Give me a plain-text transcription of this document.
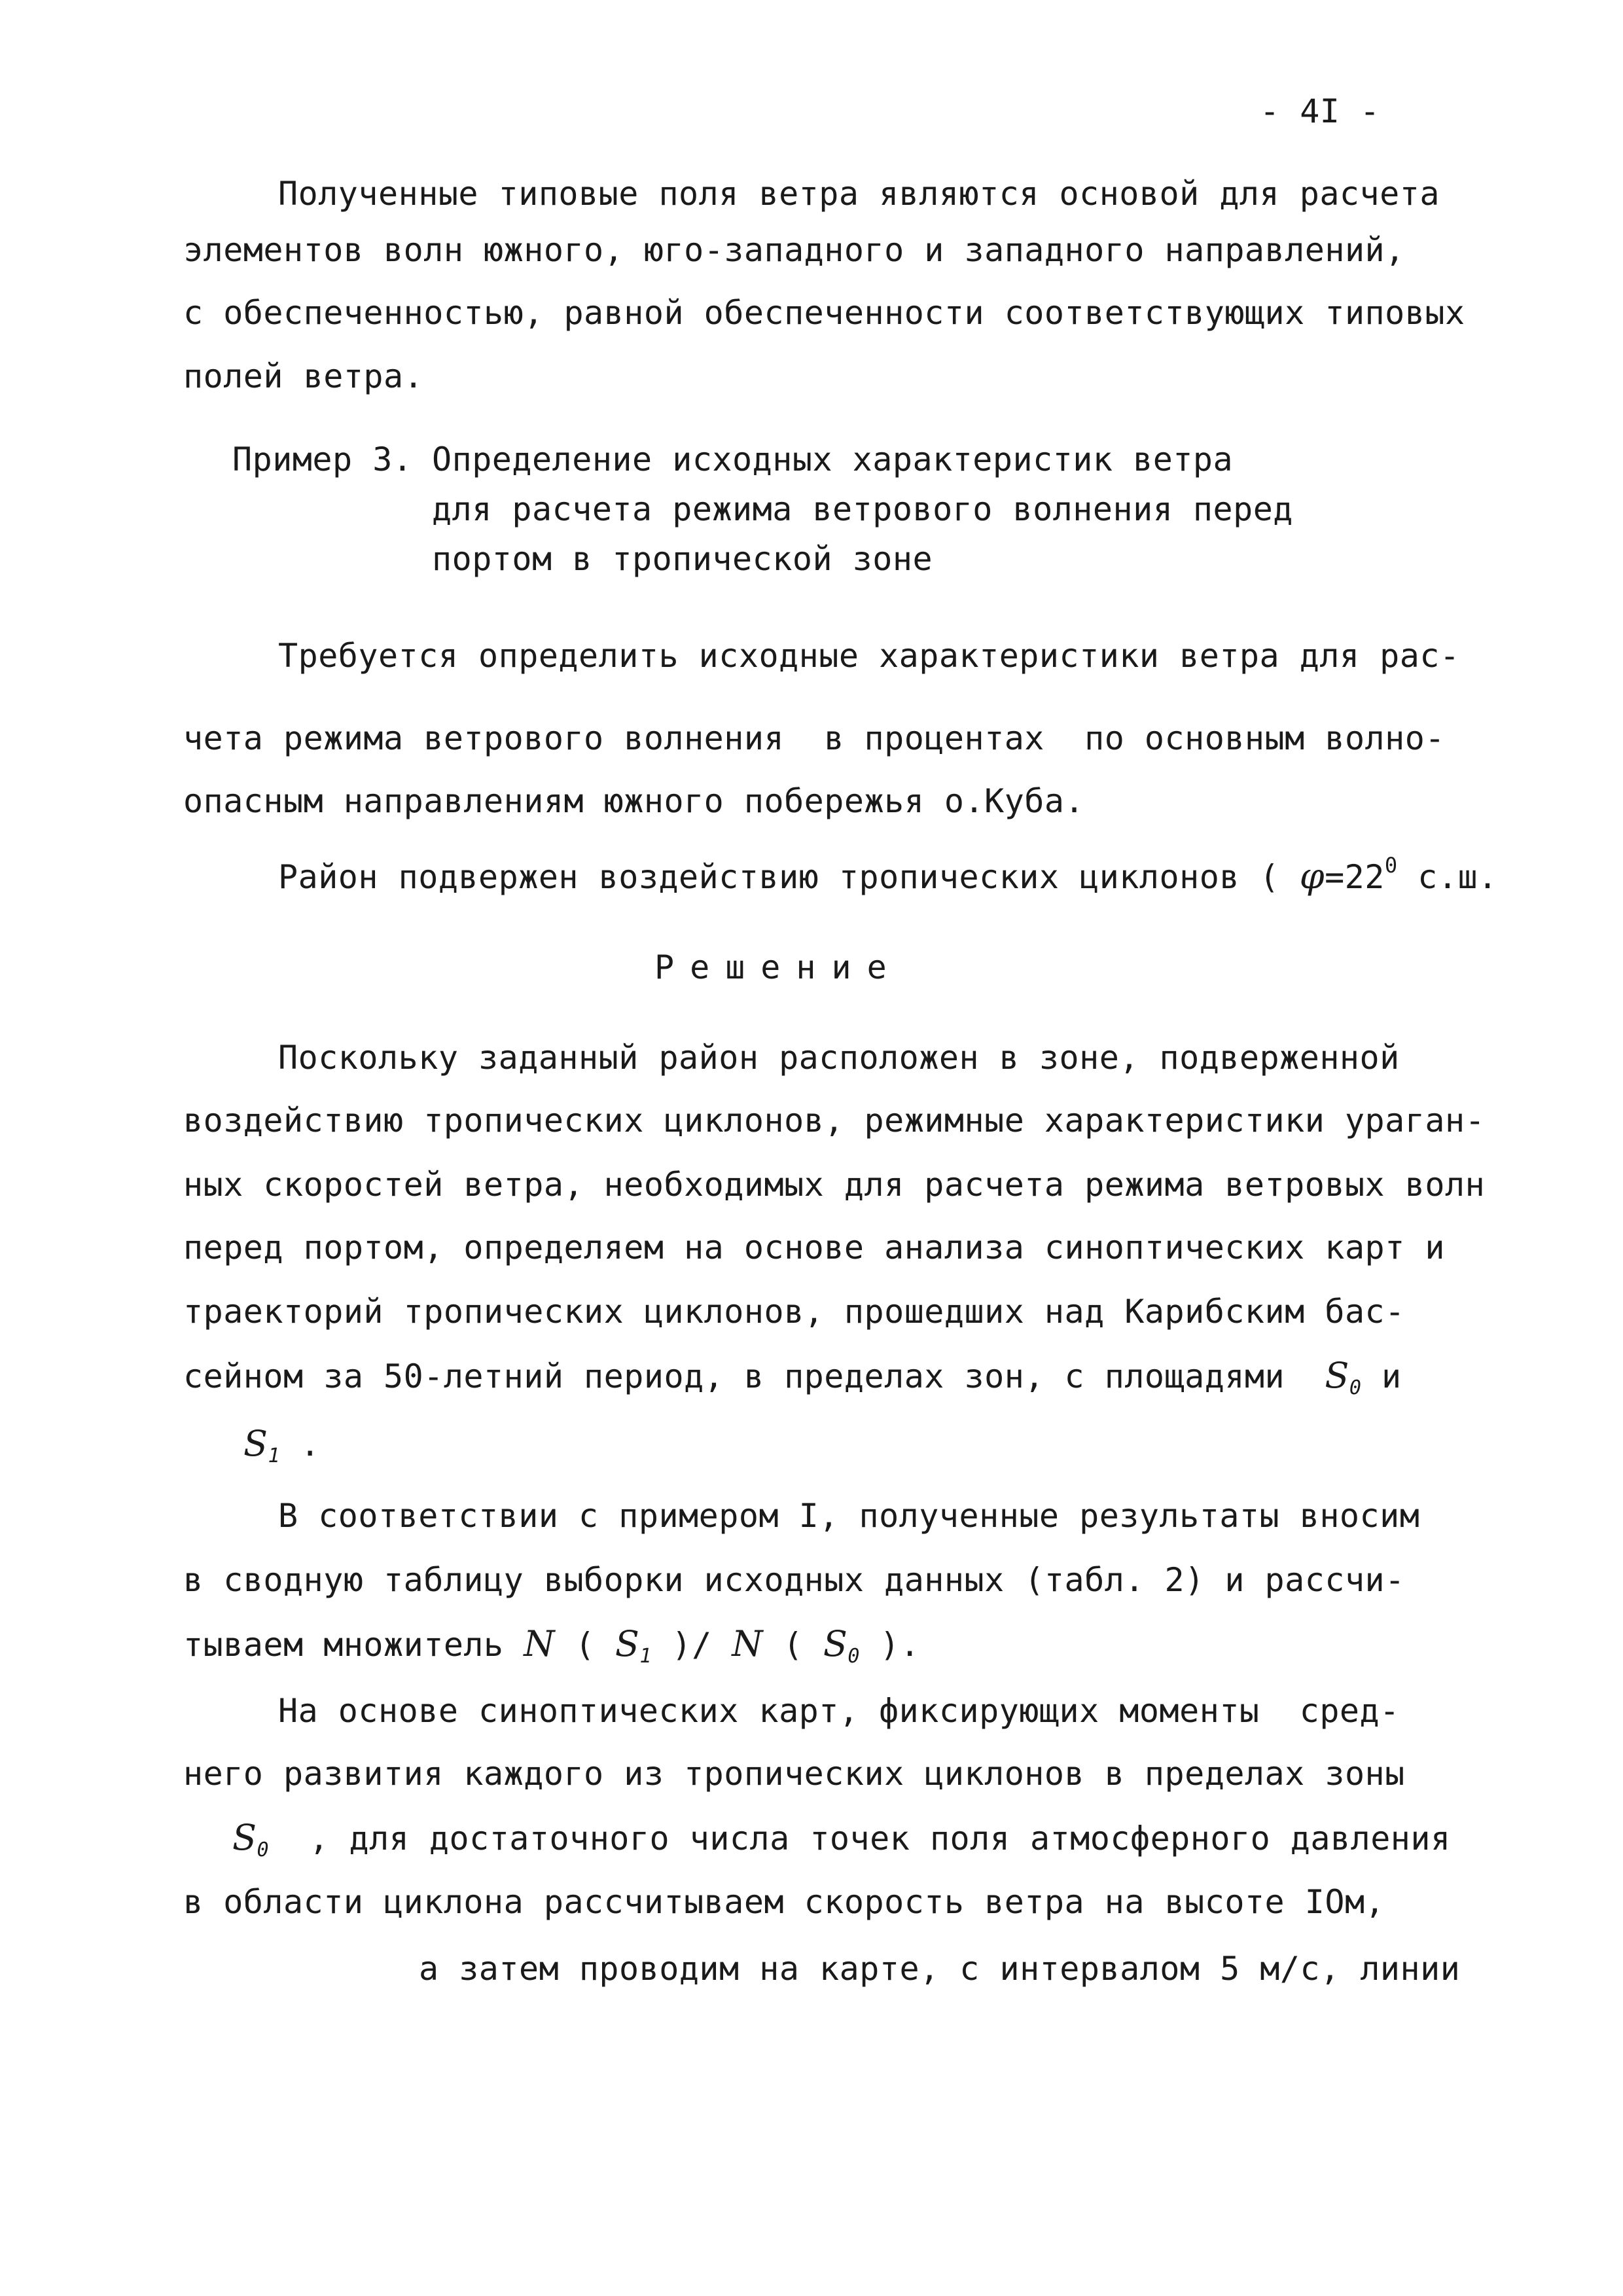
- 4I -
Полученные типовые поля ветра являются основой для расчета
элементов волн южного, юго-западного и западного направлений,
с обеспеченностью, равной обеспеченности соответствующих типовых
полей ветра.
Пример 3. Определение исходных характеристик ветра
для расчета режима ветрового волнения перед
портом в тропической зоне
Требуется определить исходные характеристики ветра для рас-
чета режима ветрового волнения  в процентах  по основным волно-
опасным направлениям южного побережья о.Куба.
Район подвержен воздействию тропических циклонов ( $\varphi=22^0$ с.ш.
Решение
Поскольку заданный район расположен в зоне, подверженной
воздействию тропических циклонов, режимные характеристики ураган-
ных скоростей ветра, необходимых для расчета режима ветровых волн
перед портом, определяем на основе анализа синоптических карт и
траекторий тропических циклонов, прошедших над Карибским бас-
сейном за 50-летний период, в пределах зон, с площадями  $S_0$ и
$S_1$ .
В соответствии с примером I, полученные результаты вносим
в сводную таблицу выборки исходных данных (табл. 2) и рассчи-
тываем множитель N ( $S_1$ )/ N ( $S_0$ ).
На основе синоптических карт, фиксирующих моменты  сред-
него развития каждого из тропических циклонов в пределах зоны
$S_0$  , для достаточного числа точек поля атмосферного давления
в области циклона рассчитываем скорость ветра на высоте IOм,
а затем проводим на карте, с интервалом 5 м/с, линии
